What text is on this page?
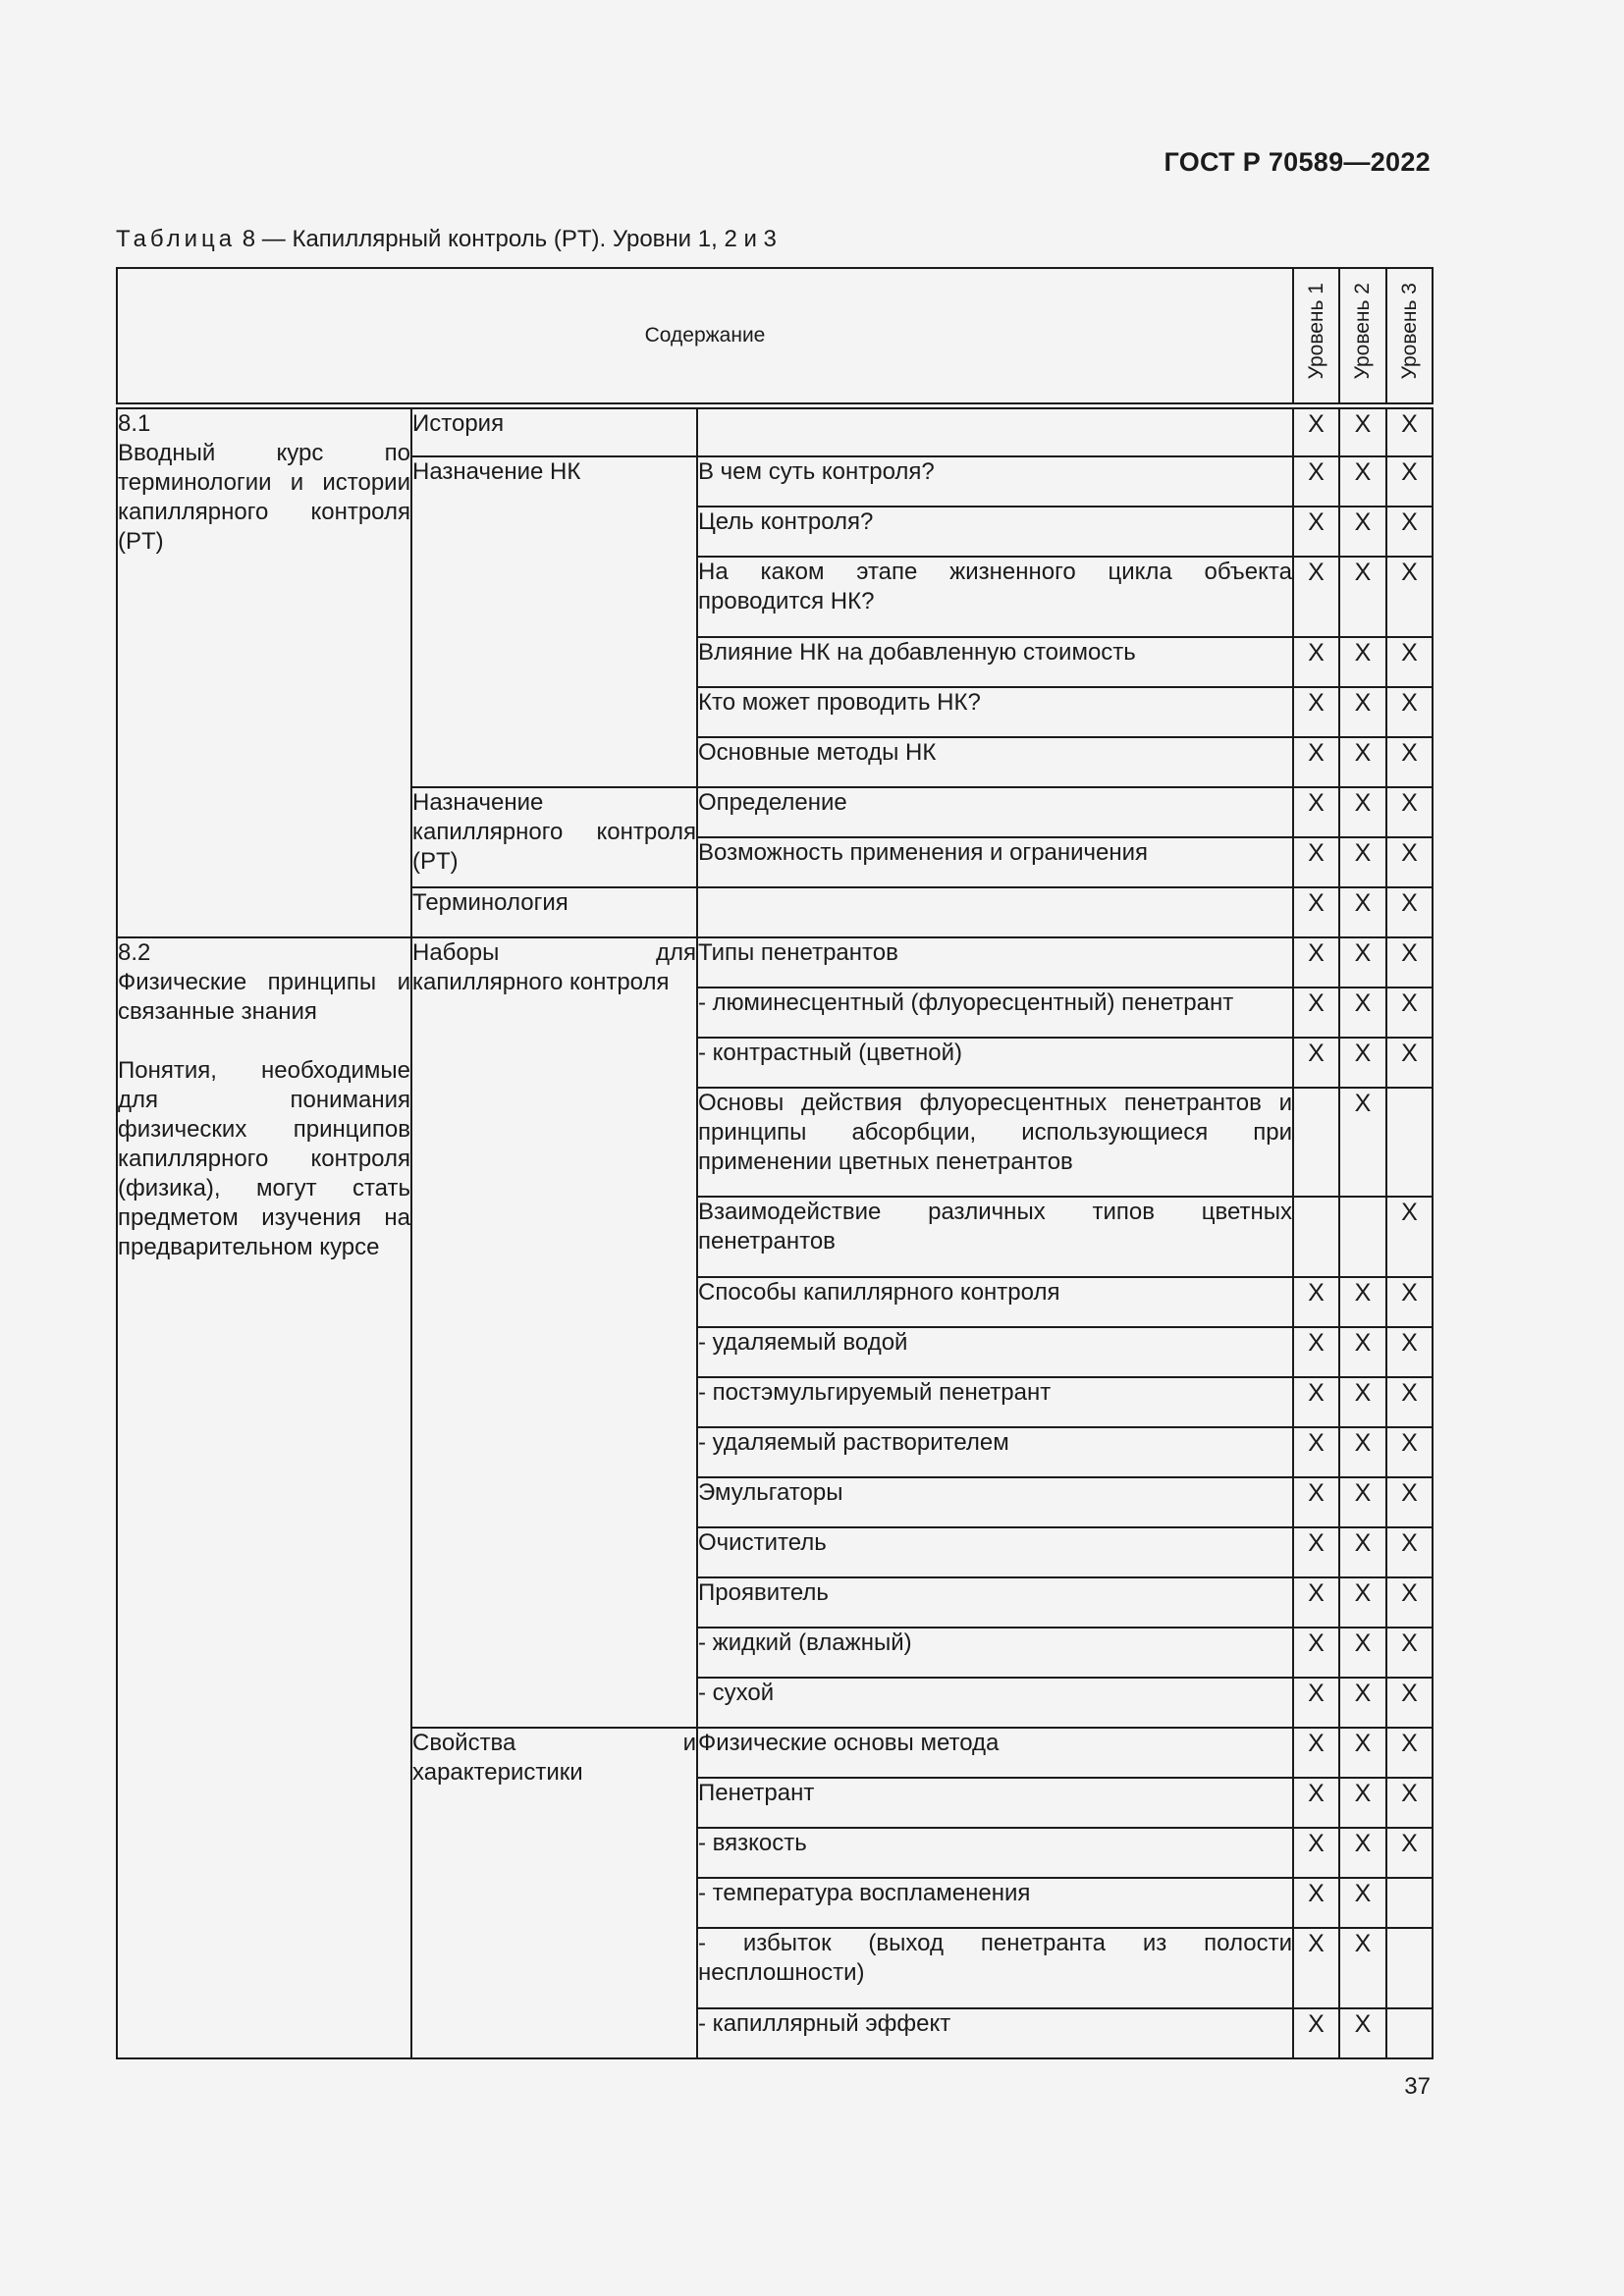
ГОСТ Р 70589—2022
Таблица 8 — Капиллярный контроль (PT). Уровни 1, 2 и 3
Содержание			Уровень 1	Уровень 2	Уровень 3

8.1
Вводный курс по терминологии и истории капиллярного контроля (PT)	История		X	X	X
	Назначение НК	В чем суть контроля?	X	X	X
		Цель контроля?	X	X	X
		На каком этапе жизненного цикла объекта проводится НК?	X	X	X
		Влияние НК на добавленную стоимость	X	X	X
		Кто может проводить НК?	X	X	X
		Основные методы НК	X	X	X
	Назначение капиллярного контроля (PT)	Определение	X	X	X
		Возможность применения и ограничения	X	X	X
	Терминология		X	X	X

8.2
Физические принципы и связанные знания
Понятия, необходимые для понимания физических принципов капиллярного контроля (физика), могут стать предметом изучения на предварительном курсе	Наборы для капиллярного контроля	Типы пенетрантов	X	X	X
		- люминесцентный (флуоресцентный) пенетрант	X	X	X
		- контрастный (цветной)	X	X	X
		Основы действия флуоресцентных пенетрантов и принципы абсорбции, использующиеся при применении цветных пенетрантов		X	
		Взаимодействие различных типов цветных пенетрантов			X
		Способы капиллярного контроля	X	X	X
		- удаляемый водой	X	X	X
		- постэмульгируемый пенетрант	X	X	X
		- удаляемый растворителем	X	X	X
		Эмульгаторы	X	X	X
		Очиститель	X	X	X
		Проявитель	X	X	X
		- жидкий (влажный)	X	X	X
		- сухой	X	X	X
	Свойства и характеристики	Физические основы метода	X	X	X
		Пенетрант	X	X	X
		- вязкость	X	X	X
		- температура воспламенения	X	X	
		- избыток (выход пенетранта из полости несплошности)	X	X	
		- капиллярный эффект	X	X	
37
